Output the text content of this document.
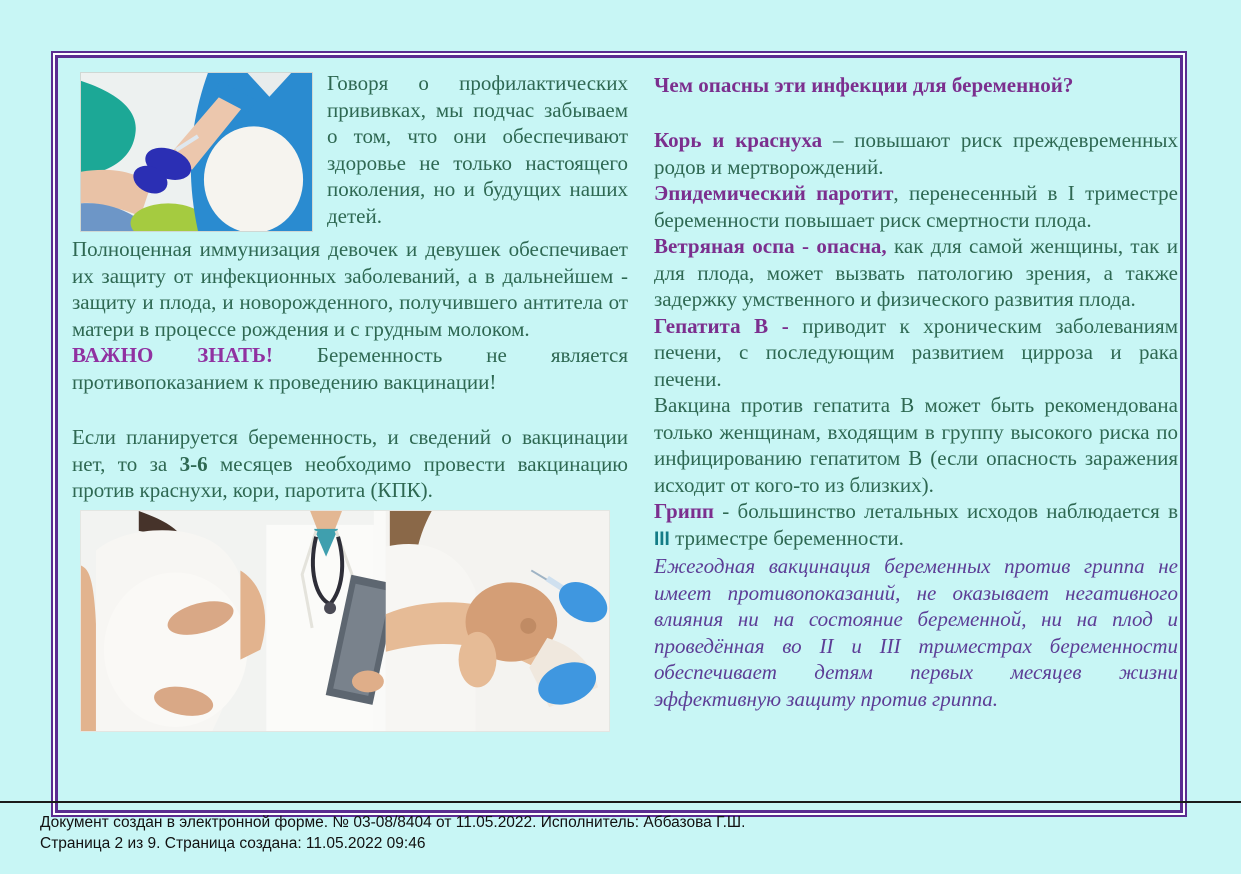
Говоря о профилактических прививках, мы подчас забываем о том, что они обеспечивают здоровье не только настоящего поколения, но и будущих наших детей.

Полноценная иммунизация девочек и девушек обеспечивает их защиту от инфекционных заболеваний, а в дальнейшем - защиту и плода, и новорожденного, получившего антитела от матери в процессе рождения и с грудным молоком.

ВАЖНО ЗНАТЬ! Беременность не является противопоказанием к проведению вакцинации!

Если планируется беременность, и сведений о вакцинации нет, то за 3-6 месяцев необходимо провести вакцинацию против краснухи, кори, паротита (КПК).

Чем опасны эти инфекции для беременной?

Корь и краснуха – повышают риск преждевременных родов и мертворождений.

Эпидемический паротит, перенесенный в I триместре беременности повышает риск смертности плода.

Ветряная оспа - опасна, как для самой женщины, так и для плода, может вызвать патологию зрения, а также задержку умственного и физического развития плода.

Гепатита В - приводит к хроническим заболеваниям печени, с последующим развитием цирроза и рака печени.

Вакцина против гепатита В может быть рекомендована только женщинам, входящим в группу высокого риска по инфицированию гепатитом В (если опасность заражения исходит от кого-то из близких).

Грипп - большинство летальных исходов наблюдается в III триместре беременности.

Ежегодная вакцинация беременных против гриппа не имеет противопоказаний, не оказывает негативного влияния ни на состояние беременной, ни на плод и проведённая во II и III триместрах беременности обеспечивает детям первых месяцев жизни эффективную защиту против гриппа.

Документ создан в электронной форме. № 03-08/8404 от 11.05.2022. Исполнитель: Аббазова Г.Ш.
Страница 2 из 9. Страница создана: 11.05.2022 09:46
